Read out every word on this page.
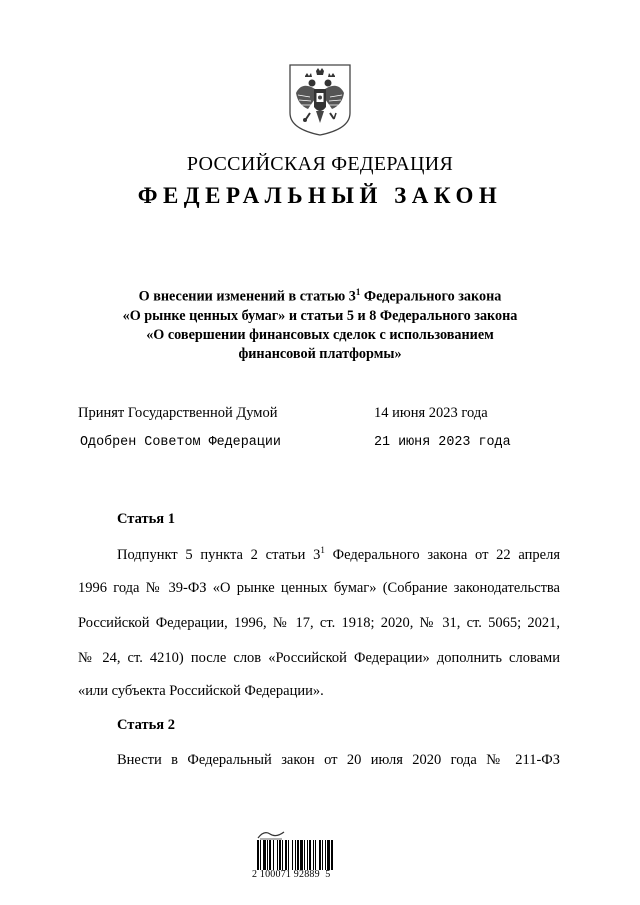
РОССИЙСКАЯ ФЕДЕРАЦИЯ
ФЕДЕРАЛЬНЫЙ ЗАКОН
О внесении изменений в статью $3^1$ Федерального закона
«О рынке ценных бумаг» и статьи 5 и 8 Федерального закона
«О совершении финансовых сделок с использованием
финансовой платформы»
Принят Государственной Думой	14 июня 2023 года
Одобрен Советом Федерации	21 июня 2023 года
Статья 1
Подпункт 5 пункта 2 статьи $3^1$ Федерального закона от 22 апреля
1996 года № 39-ФЗ «О рынке ценных бумаг» (Собрание законодательства
Российской Федерации, 1996, № 17, ст. 1918; 2020, № 31, ст. 5065; 2021,
№ 24, ст. 4210) после слов «Российской Федерации» дополнить словами
«или субъекта Российской Федерации».
Статья 2
Внести в Федеральный закон от 20 июля 2020 года № 211-ФЗ
2 100071 92889  5
